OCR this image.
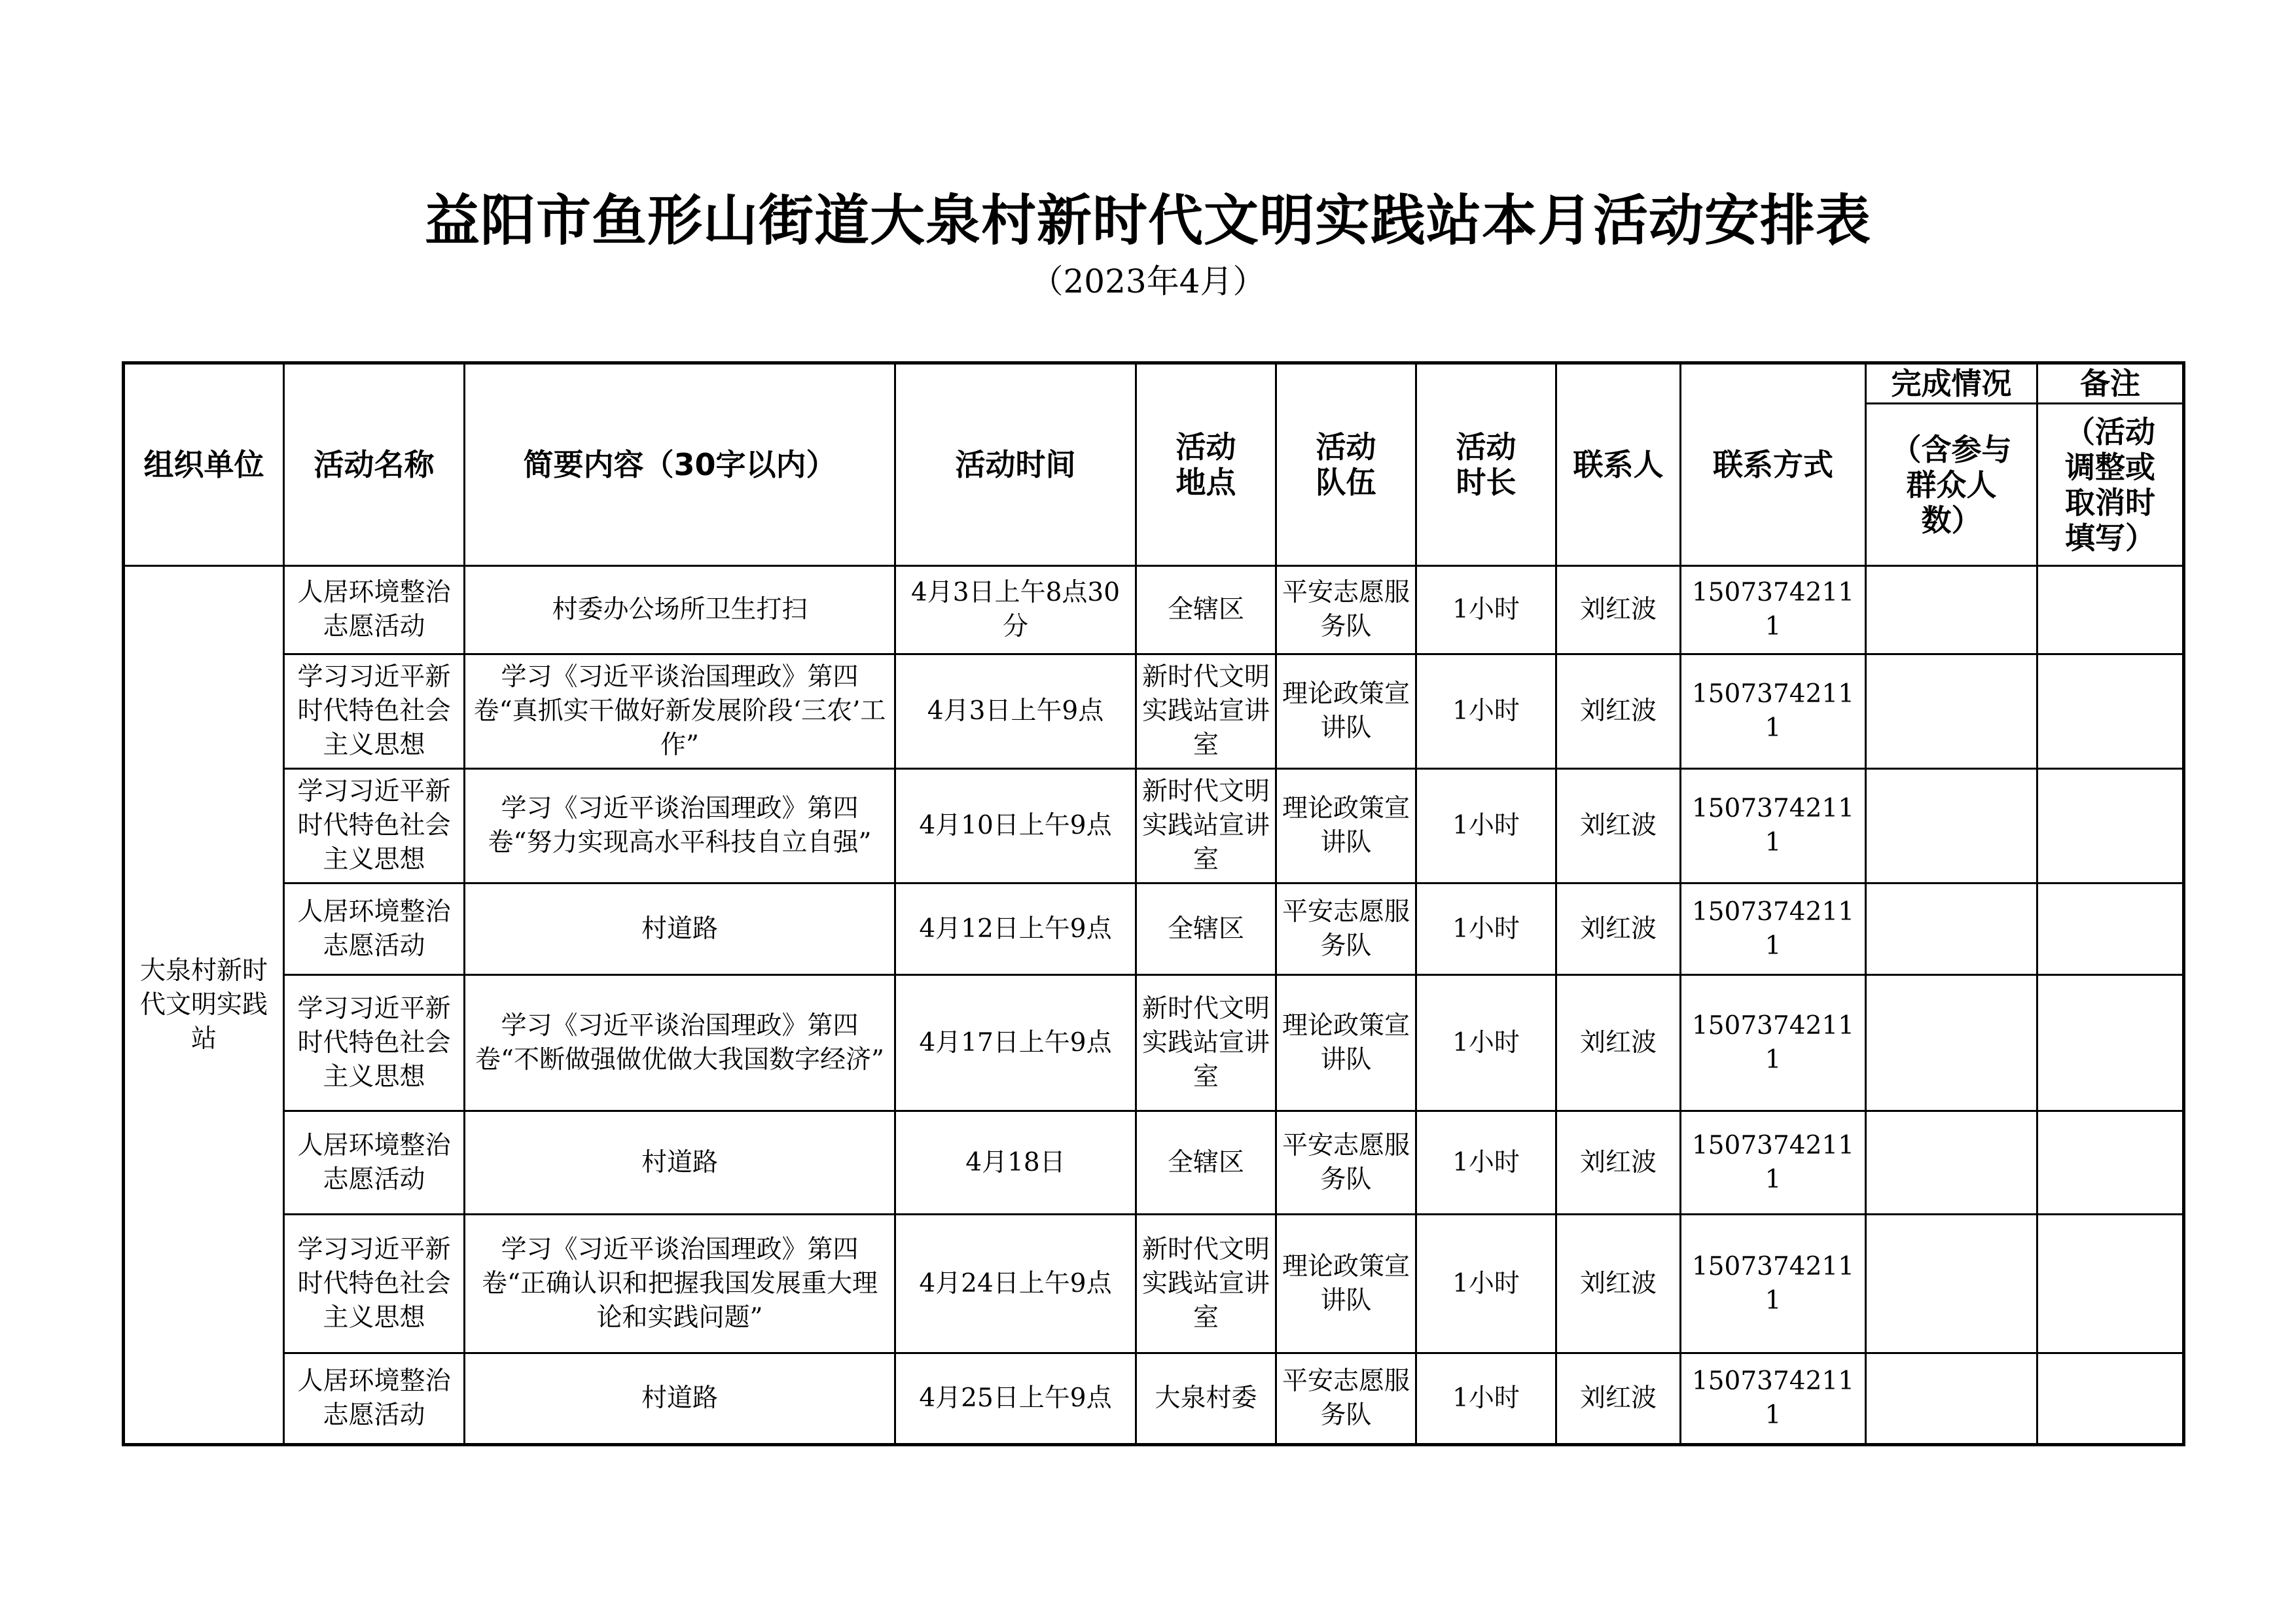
益阳市鱼形山街道大泉村新时代文明实践站本月活动安排表
（2023年4月）
组织单位	活动名称	简要内容（30字以内）	活动时间	活动地点	活动队伍	活动时长	联系人	联系方式	完成情况	备注
									（含参与群众人数）	（活动调整或取消时填写）
大泉村新时代文明实践站	人居环境整治志愿活动	村委办公场所卫生打扫	4月3日上午8点30分	全辖区	平安志愿服务队	1小时	刘红波	15073742111		
	学习习近平新时代特色社会主义思想	学习《习近平谈治国理政》第四卷“真抓实干做好新发展阶段‘三农’工作”	4月3日上午9点	新时代文明实践站宣讲室	理论政策宣讲队	1小时	刘红波	15073742111		
	学习习近平新时代特色社会主义思想	学习《习近平谈治国理政》第四卷“努力实现高水平科技自立自强”	4月10日上午9点	新时代文明实践站宣讲室	理论政策宣讲队	1小时	刘红波	15073742111		
	人居环境整治志愿活动	村道路	4月12日上午9点	全辖区	平安志愿服务队	1小时	刘红波	15073742111		
	学习习近平新时代特色社会主义思想	学习《习近平谈治国理政》第四卷“不断做强做优做大我国数字经济”	4月17日上午9点	新时代文明实践站宣讲室	理论政策宣讲队	1小时	刘红波	15073742111		
	人居环境整治志愿活动	村道路	4月18日	全辖区	平安志愿服务队	1小时	刘红波	15073742111		
	学习习近平新时代特色社会主义思想	学习《习近平谈治国理政》第四卷“正确认识和把握我国发展重大理论和实践问题”	4月24日上午9点	新时代文明实践站宣讲室	理论政策宣讲队	1小时	刘红波	15073742111		
	人居环境整治志愿活动	村道路	4月25日上午9点	大泉村委	平安志愿服务队	1小时	刘红波	15073742111		
